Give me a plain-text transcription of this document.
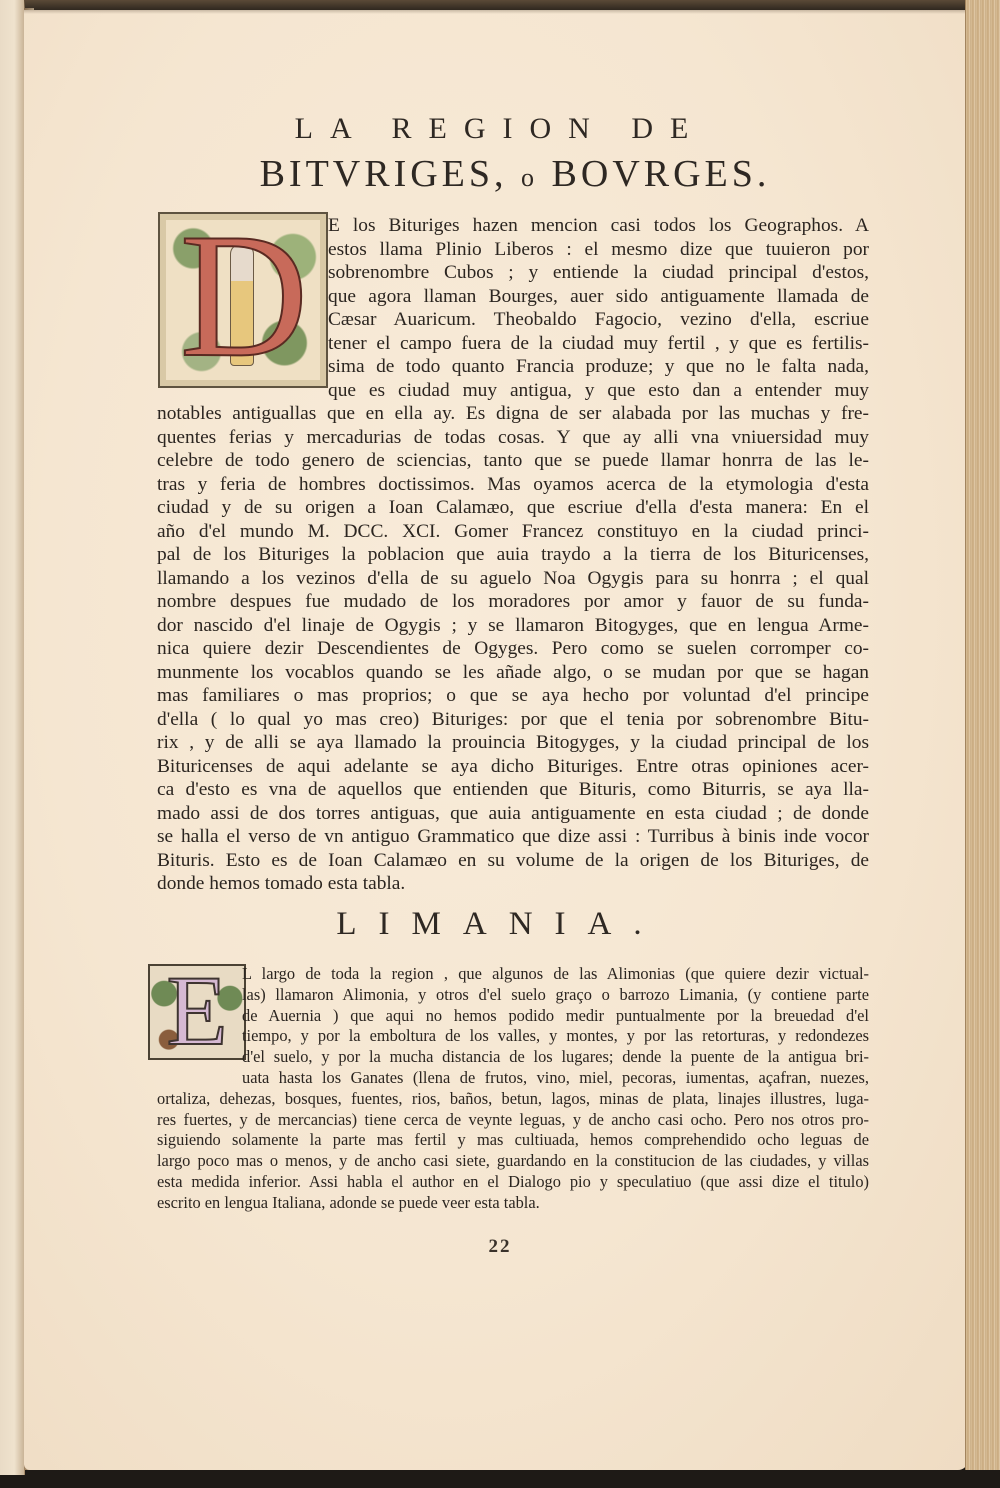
LA REGION DE
BITVRIGES, o BOVRGES.
D	E los Bituriges hazen mencion casi todos los Geographos. A
estos llama Plinio Liberos : el mesmo dize que tuuieron por
sobrenombre Cubos ; y entiende la ciudad principal d'estos,
que agora llaman Bourges, auer sido antiguamente llamada de
Cæsar Auaricum. Theobaldo Fagocio, vezino d'ella, escriue
tener el campo fuera de la ciudad muy fertil , y que es fertilis-
sima de todo quanto Francia produze; y que no le falta nada,
que es ciudad muy antigua, y que esto dan a entender muy
notables antiguallas que en ella ay. Es digna de ser alabada por las muchas y fre-
quentes ferias y mercadurias de todas cosas. Y que ay alli vna vniuersidad muy
celebre de todo genero de sciencias, tanto que se puede llamar honrra de las le-
tras y feria de hombres doctissimos. Mas oyamos acerca de la etymologia d'esta
ciudad y de su origen a Ioan Calamæo, que escriue d'ella d'esta manera: En el
año d'el mundo M. DCC. XCI. Gomer Francez constituyo en la ciudad princi-
pal de los Bituriges la poblacion que auia traydo a la tierra de los Bituricenses,
llamando a los vezinos d'ella de su aguelo Noa Ogygis para su honrra ; el qual
nombre despues fue mudado de los moradores por amor y fauor de su funda-
dor nascido d'el linaje de Ogygis ; y se llamaron Bitogyges, que en lengua Arme-
nica quiere dezir Descendientes de Ogyges. Pero como se suelen corromper co-
munmente los vocablos quando se les añade algo, o se mudan por que se hagan
mas familiares o mas proprios; o que se aya hecho por voluntad d'el principe
d'ella ( lo qual yo mas creo) Bituriges: por que el tenia por sobrenombre Bitu-
rix , y de alli se aya llamado la prouincia Bitogyges, y la ciudad principal de los
Bituricenses de aqui adelante se aya dicho Bituriges. Entre otras opiniones acer-
ca d'esto es vna de aquellos que entienden que Bituris, como Biturris, se aya lla-
mado assi de dos torres antiguas, que auia antiguamente en esta ciudad ; de donde
se halla el verso de vn antiguo Grammatico que dize assi : Turribus à binis inde vocor
Bituris. Esto es de Ioan Calamæo en su volume de la origen de los Bituriges, de
donde hemos tomado esta tabla.
LIMANIA.
E L largo de toda la region , que algunos de las Alimonias (que quiere dezir victual-
las) llamaron Alimonia, y otros d'el suelo graço o barrozo Limania, (y contiene parte
de Auernia ) que aqui no hemos podido medir puntualmente por la breuedad d'el
tiempo, y por la emboltura de los valles, y montes, y por las retorturas, y redondezes
d'el suelo, y por la mucha distancia de los lugares; dende la puente de la antigua bri-
uata hasta los Ganates (llena de frutos, vino, miel, pecoras, iumentas, açafran, nuezes,
ortaliza, dehezas, bosques, fuentes, rios, baños, betun, lagos, minas de plata, linajes illustres, luga-
res fuertes, y de mercancias) tiene cerca de veynte leguas, y de ancho casi ocho. Pero nos otros pro-
siguiendo solamente la parte mas fertil y mas cultiuada, hemos comprehendido ocho leguas de
largo poco mas o menos, y de ancho casi siete, guardando en la constitucion de las ciudades, y villas
esta medida inferior. Assi habla el author en el Dialogo pio y speculatiuo (que assi dize el titulo)
escrito en lengua Italiana, adonde se puede veer esta tabla.
22
